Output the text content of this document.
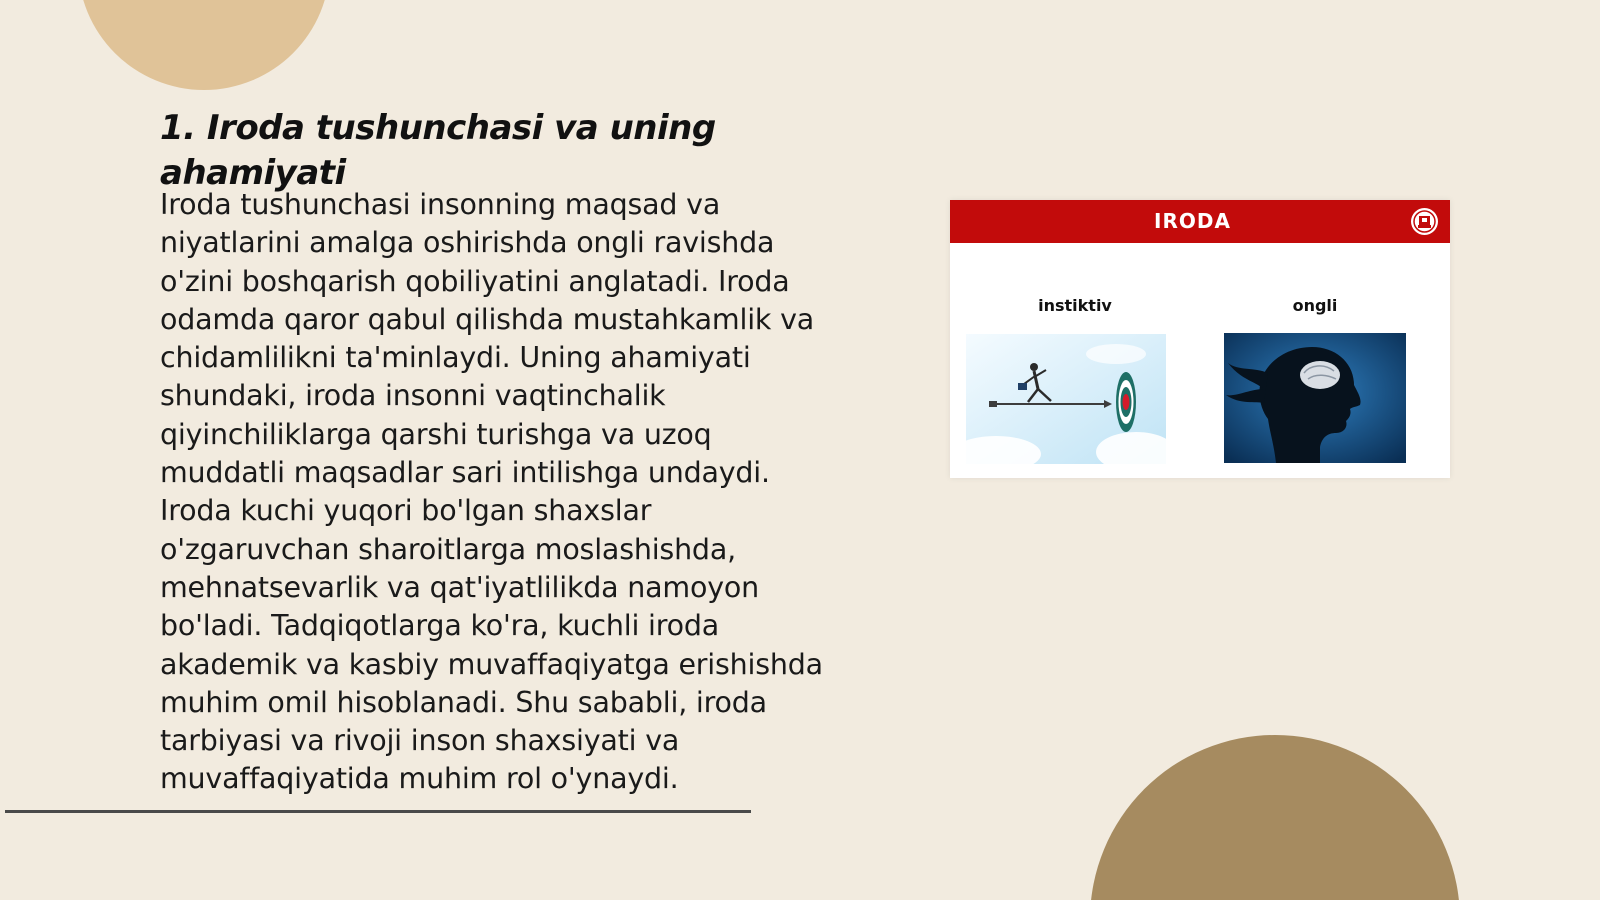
1. Iroda tushunchasi va uning ahamiyati

Iroda tushunchasi insonning maqsad va niyatlarini amalga oshirishda ongli ravishda o'zini boshqarish qobiliyatini anglatadi. Iroda odamda qaror qabul qilishda mustahkamlik va chidamlilikni ta'minlaydi. Uning ahamiyati shundaki, iroda insonni vaqtinchalik qiyinchiliklarga qarshi turishga va uzoq muddatli maqsadlar sari intilishga undaydi. Iroda kuchi yuqori bo'lgan shaxslar o'zgaruvchan sharoitlarga moslashishda, mehnatsevarlik va qat'iyatlilikda namoyon bo'ladi. Tadqiqotlarga ko'ra, kuchli iroda akademik va kasbiy muvaffaqiyatga erishishda muhim omil hisoblanadi. Shu sababli, iroda tarbiyasi va rivoji inson shaxsiyati va muvaffaqiyatida muhim rol o'ynaydi.

IRODA
instiktiv	ongli
